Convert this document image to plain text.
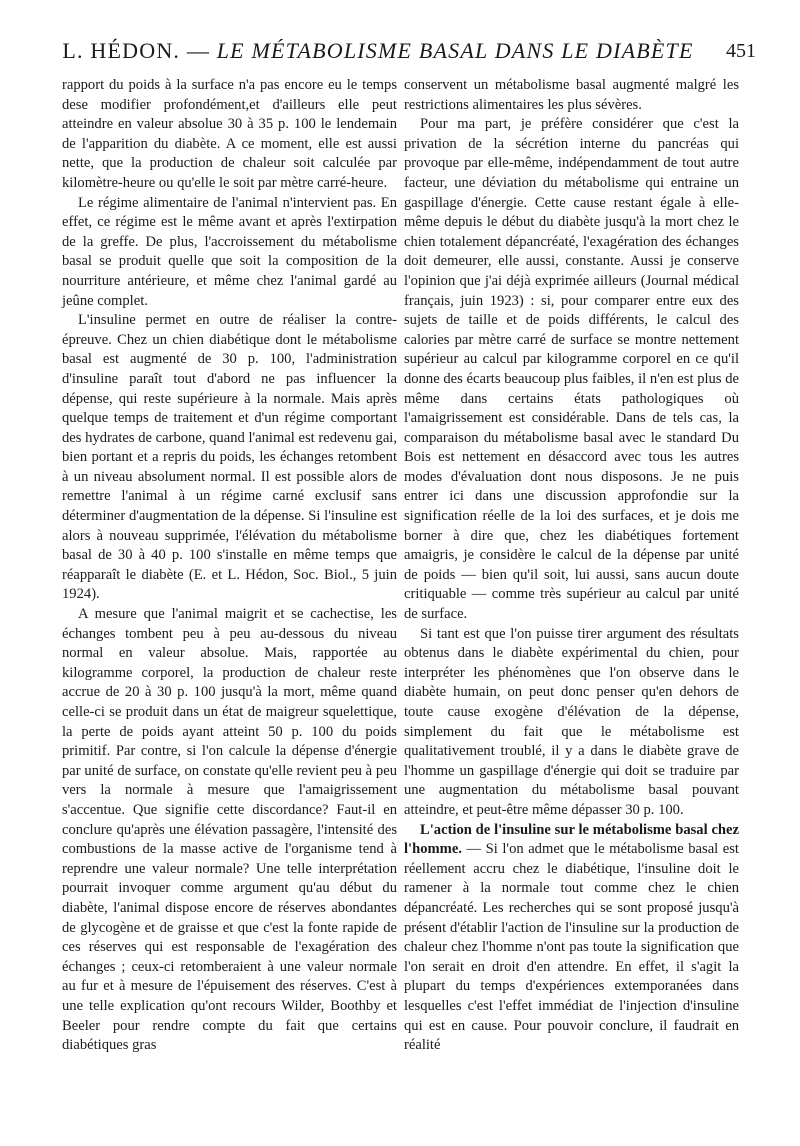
L. HÉDON. — LE MÉTABOLISME BASAL DANS LE DIABÈTE 451

rapport du poids à la surface n'a pas encore eu le temps dese modifier profondément,et d'ailleurs elle peut atteindre en valeur absolue 30 à 35 p. 100 le lendemain de l'apparition du diabète. A ce moment, elle est aussi nette, que la production de chaleur soit calculée par kilomètre-heure ou qu'elle le soit par mètre carré-heure.

Le régime alimentaire de l'animal n'intervient pas. En effet, ce régime est le même avant et après l'extirpation de la greffe. De plus, l'accroissement du métabolisme basal se produit quelle que soit la composition de la nourriture antérieure, et même chez l'animal gardé au jeûne complet.

L'insuline permet en outre de réaliser la contre-épreuve. Chez un chien diabétique dont le métabolisme basal est augmenté de 30 p. 100, l'administration d'insuline paraît tout d'abord ne pas influencer la dépense, qui reste supérieure à la normale. Mais après quelque temps de traitement et d'un régime comportant des hydrates de carbone, quand l'animal est redevenu gai, bien portant et a repris du poids, les échanges retombent à un niveau absolument normal. Il est possible alors de remettre l'animal à un régime carné exclusif sans déterminer d'augmentation de la dépense. Si l'insuline est alors à nouveau supprimée, l'élévation du métabolisme basal de 30 à 40 p. 100 s'installe en même temps que réapparaît le diabète (E. et L. Hédon, Soc. Biol., 5 juin 1924).

A mesure que l'animal maigrit et se cachectise, les échanges tombent peu à peu au-dessous du niveau normal en valeur absolue. Mais, rapportée au kilogramme corporel, la production de chaleur reste accrue de 20 à 30 p. 100 jusqu'à la mort, même quand celle-ci se produit dans un état de maigreur squelettique, la perte de poids ayant atteint 50 p. 100 du poids primitif. Par contre, si l'on calcule la dépense d'énergie par unité de surface, on constate qu'elle revient peu à peu vers la normale à mesure que l'amaigrissement s'accentue. Que signifie cette discordance? Faut-il en conclure qu'après une élévation passagère, l'intensité des combustions de la masse active de l'organisme tend à reprendre une valeur normale? Une telle interprétation pourrait invoquer comme argument qu'au début du diabète, l'animal dispose encore de réserves abondantes de glycogène et de graisse et que c'est la fonte rapide de ces réserves qui est responsable de l'exagération des échanges ; ceux-ci retomberaient à une valeur normale au fur et à mesure de l'épuisement des réserves. C'est à une telle explication qu'ont recours Wilder, Boothby et Beeler pour rendre compte du fait que certains diabétiques gras

conservent un métabolisme basal augmenté malgré les restrictions alimentaires les plus sévères.

Pour ma part, je préfère considérer que c'est la privation de la sécrétion interne du pancréas qui provoque par elle-même, indépendamment de tout autre facteur, une déviation du métabolisme qui entraine un gaspillage d'énergie. Cette cause restant égale à elle-même depuis le début du diabète jusqu'à la mort chez le chien totalement dépancréaté, l'exagération des échanges doit demeurer, elle aussi, constante. Aussi je conserve l'opinion que j'ai déjà exprimée ailleurs (Journal médical français, juin 1923) : si, pour comparer entre eux des sujets de taille et de poids différents, le calcul des calories par mètre carré de surface se montre nettement supérieur au calcul par kilogramme corporel en ce qu'il donne des écarts beaucoup plus faibles, il n'en est plus de même dans certains états pathologiques où l'amaigrissement est considérable. Dans de tels cas, la comparaison du métabolisme basal avec le standard Du Bois est nettement en désaccord avec tous les autres modes d'évaluation dont nous disposons. Je ne puis entrer ici dans une discussion approfondie sur la signification réelle de la loi des surfaces, et je dois me borner à dire que, chez les diabétiques fortement amaigris, je considère le calcul de la dépense par unité de poids — bien qu'il soit, lui aussi, sans aucun doute critiquable — comme très supérieur au calcul par unité de surface.

Si tant est que l'on puisse tirer argument des résultats obtenus dans le diabète expérimental du chien, pour interpréter les phénomènes que l'on observe dans le diabète humain, on peut donc penser qu'en dehors de toute cause exogène d'élévation de la dépense, simplement du fait que le métabolisme est qualitativement troublé, il y a dans le diabète grave de l'homme un gaspillage d'énergie qui doit se traduire par une augmentation du métabolisme basal pouvant atteindre, et peut-être même dépasser 30 p. 100.

L'action de l'insuline sur le métabolisme basal chez l'homme. — Si l'on admet que le métabolisme basal est réellement accru chez le diabétique, l'insuline doit le ramener à la normale tout comme chez le chien dépancréaté. Les recherches qui se sont proposé jusqu'à présent d'établir l'action de l'insuline sur la production de chaleur chez l'homme n'ont pas toute la signification que l'on serait en droit d'en attendre. En effet, il s'agit la plupart du temps d'expériences extemporanées dans lesquelles c'est l'effet immédiat de l'injection d'insuline qui est en cause. Pour pouvoir conclure, il faudrait en réalité
